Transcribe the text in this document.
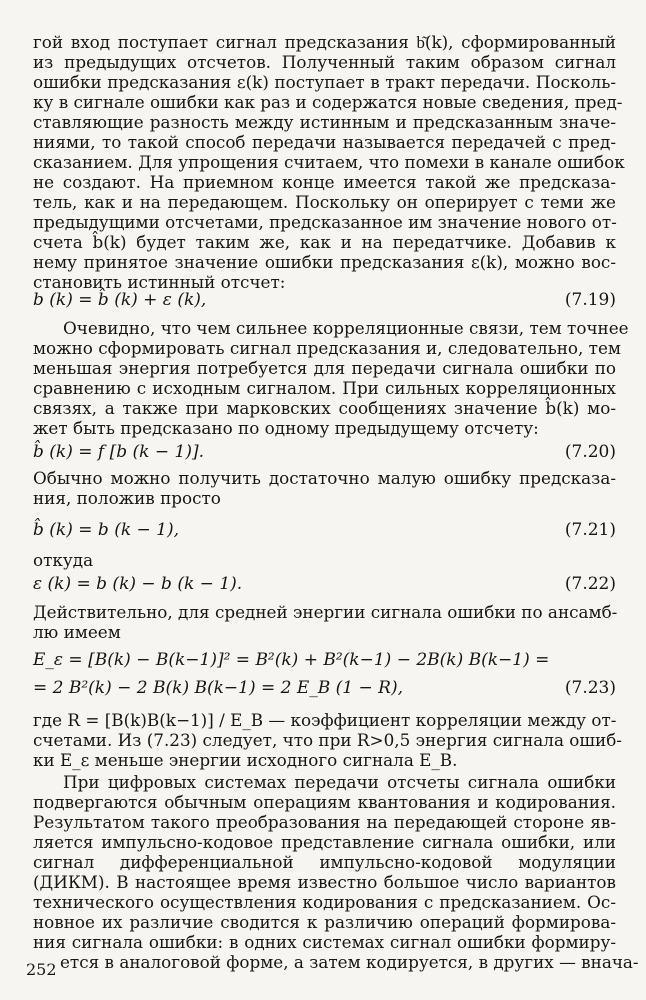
гой вход поступает сигнал предсказания b͂(k), сформированный
из предыдущих отсчетов. Полученный таким образом сигнал
ошибки предсказания ε(k) поступает в тракт передачи. Посколь-
ку в сигнале ошибки как раз и содержатся новые сведения, пред-
ставляющие разность между истинным и предсказанным значе-
ниями, то такой способ передачи называется передачей с пред-
сказанием. Для упрощения считаем, что помехи в канале ошибок
не создают. На приемном конце имеется такой же предсказа-
тель, как и на передающем. Поскольку он оперирует с теми же
предыдущими отсчетами, предсказанное им значение нового от-
счета b̂(k) будет таким же, как и на передатчике. Добавив к
нему принятое значение ошибки предсказания ε(k), можно вос-
становить истинный отсчет:
b (k) = b̂ (k) + ε (k),	(7.19)
Очевидно, что чем сильнее корреляционные связи, тем точнее
можно сформировать сигнал предсказания и, следовательно, тем
меньшая энергия потребуется для передачи сигнала ошибки по
сравнению с исходным сигналом. При сильных корреляционных
связях, а также при марковских сообщениях значение b̂(k) мо-
жет быть предсказано по одному предыдущему отсчету:
b̂ (k) = f [b (k − 1)].	(7.20)
Обычно можно получить достаточно малую ошибку предсказа-
ния, положив просто
b̂ (k) = b (k − 1),	(7.21)
откуда
ε (k) = b (k) − b (k − 1).	(7.22)
Действительно, для средней энергии сигнала ошибки по ансамб-
лю имеем
E_ε = [B(k) − B(k−1)]² = B²(k) + B²(k−1) − 2B(k) B(k−1) =
= 2 B²(k) − 2 B(k) B(k−1) = 2 E_B (1 − R),	(7.23)
где R = [B(k)B(k−1)] / E_B — коэффициент корреляции между от-
счетами. Из (7.23) следует, что при R>0,5 энергия сигнала ошиб-
ки E_ε меньше энергии исходного сигнала E_B.
При цифровых системах передачи отсчеты сигнала ошибки
подвергаются обычным операциям квантования и кодирования.
Результатом такого преобразования на передающей стороне яв-
ляется импульсно-кодовое представление сигнала ошибки, или
сигнал дифференциальной импульсно-кодовой модуляции
(ДИКМ). В настоящее время известно большое число вариантов
технического осуществления кодирования с предсказанием. Ос-
новное их различие сводится к различию операций формирова-
ния сигнала ошибки: в одних системах сигнал ошибки формиру-
ется в аналоговой форме, а затем кодируется, в других — внача-
252
